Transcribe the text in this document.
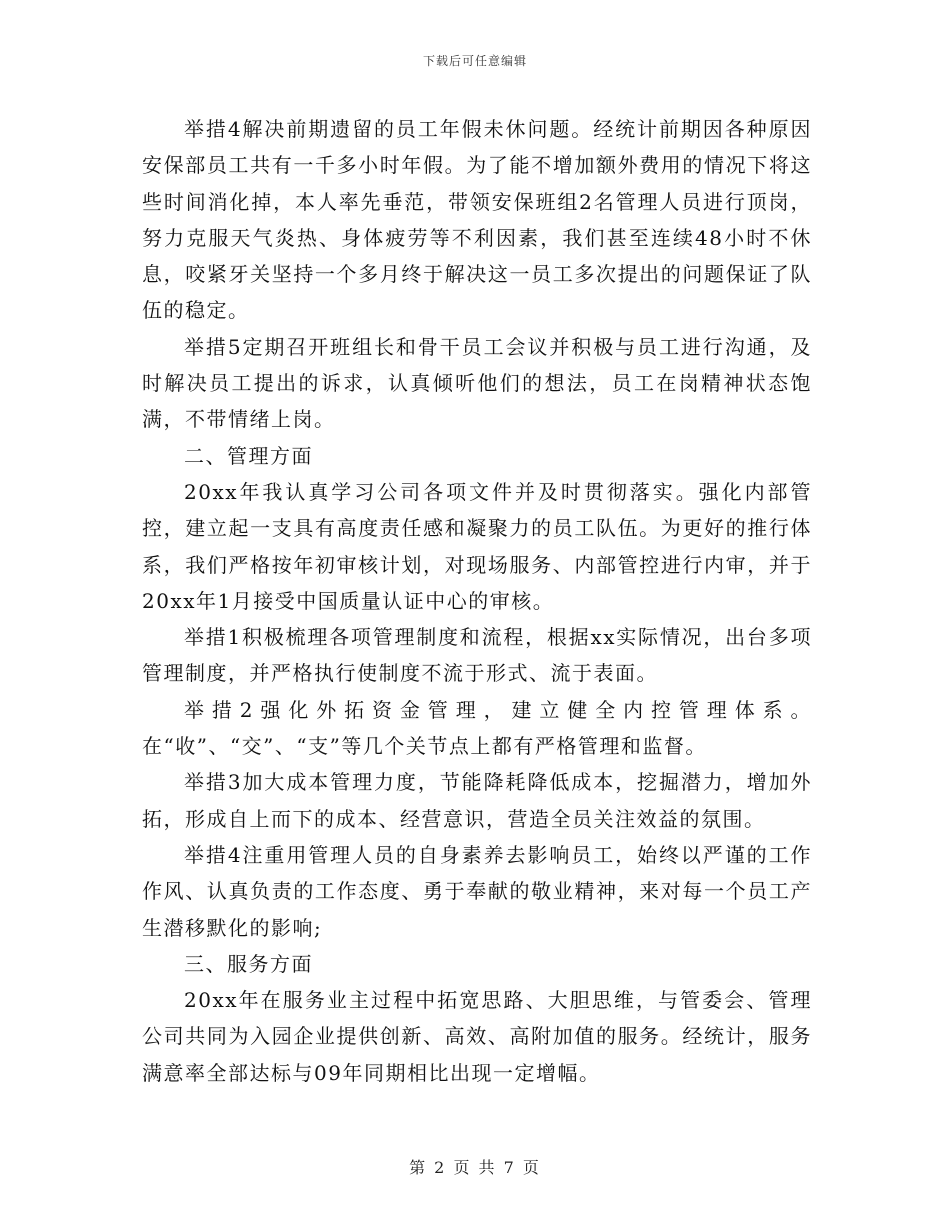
下载后可任意编辑

举措4解决前期遗留的员工年假未休问题。经统计前期因各种原因安保部员工共有一千多小时年假。为了能不增加额外费用的情况下将这些时间消化掉，本人率先垂范，带领安保班组2名管理人员进行顶岗，努力克服天气炎热、身体疲劳等不利因素，我们甚至连续48小时不休息，咬紧牙关坚持一个多月终于解决这一员工多次提出的问题保证了队伍的稳定。

举措5定期召开班组长和骨干员工会议并积极与员工进行沟通，及时解决员工提出的诉求，认真倾听他们的想法，员工在岗精神状态饱满，不带情绪上岗。

二、管理方面

20xx年我认真学习公司各项文件并及时贯彻落实。强化内部管控，建立起一支具有高度责任感和凝聚力的员工队伍。为更好的推行体系，我们严格按年初审核计划，对现场服务、内部管控进行内审，并于20xx年1月接受中国质量认证中心的审核。

举措1积极梳理各项管理制度和流程，根据xx实际情况，出台多项管理制度，并严格执行使制度不流于形式、流于表面。

举措2强化外拓资金管理，建立健全内控管理体系。在“收”、“交”、“支”等几个关节点上都有严格管理和监督。

举措3加大成本管理力度，节能降耗降低成本，挖掘潜力，增加外拓，形成自上而下的成本、经营意识，营造全员关注效益的氛围。

举措4注重用管理人员的自身素养去影响员工，始终以严谨的工作作风、认真负责的工作态度、勇于奉献的敬业精神，来对每一个员工产生潜移默化的影响;

三、服务方面

20xx年在服务业主过程中拓宽思路、大胆思维，与管委会、管理公司共同为入园企业提供创新、高效、高附加值的服务。经统计，服务满意率全部达标与09年同期相比出现一定增幅。

第 2 页 共 7 页
